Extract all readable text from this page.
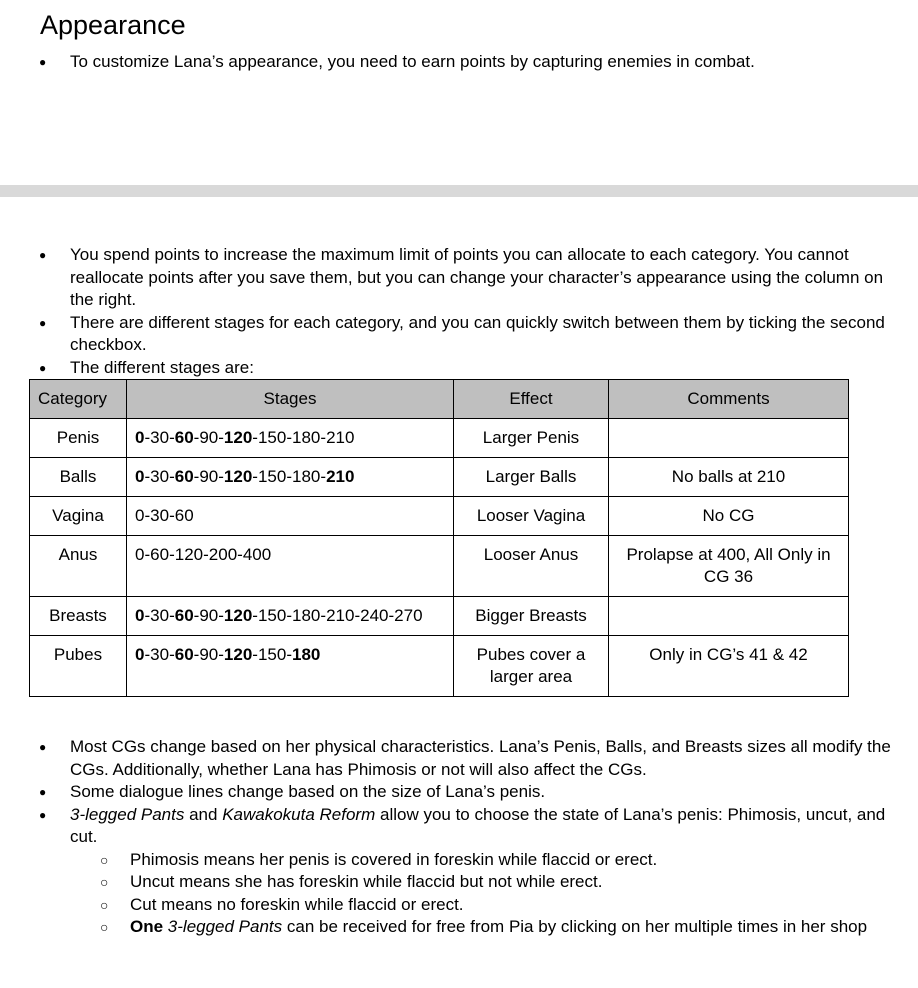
Appearance
● To customize Lana’s appearance, you need to earn points by capturing enemies in combat.
● You spend points to increase the maximum limit of points you can allocate to each category. You cannot reallocate points after you save them, but you can change your character’s appearance using the column on the right.
● There are different stages for each category, and you can quickly switch between them by ticking the second checkbox.
● The different stages are:
Category	Stages	Effect	Comments
Penis	0-30-60-90-120-150-180-210	Larger Penis	
Balls	0-30-60-90-120-150-180-210	Larger Balls	No balls at 210
Vagina	0-30-60	Looser Vagina	No CG
Anus	0-60-120-200-400	Looser Anus	Prolapse at 400, All Only in CG 36
Breasts	0-30-60-90-120-150-180-210-240-270	Bigger Breasts	
Pubes	0-30-60-90-120-150-180	Pubes cover a larger area	Only in CG’s 41 & 42
● Most CGs change based on her physical characteristics. Lana’s Penis, Balls, and Breasts sizes all modify the CGs. Additionally, whether Lana has Phimosis or not will also affect the CGs.
● Some dialogue lines change based on the size of Lana’s penis.
● 3-legged Pants and Kawakokuta Reform allow you to choose the state of Lana’s penis: Phimosis, uncut, and cut.
○ Phimosis means her penis is covered in foreskin while flaccid or erect.
○ Uncut means she has foreskin while flaccid but not while erect.
○ Cut means no foreskin while flaccid or erect.
○ One 3-legged Pants can be received for free from Pia by clicking on her multiple times in her shop
